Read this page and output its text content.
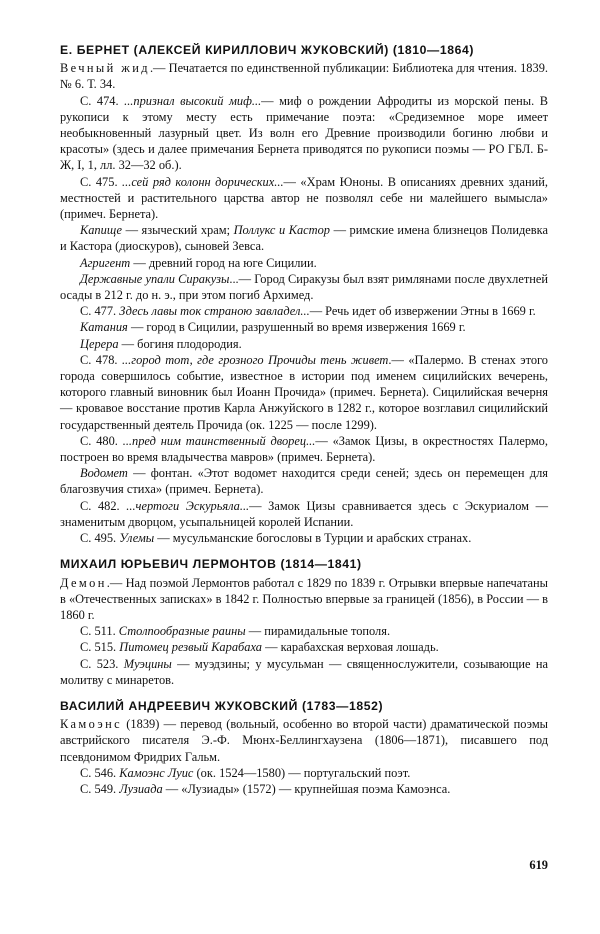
Е. БЕРНЕТ (АЛЕКСЕЙ КИРИЛЛОВИЧ ЖУКОВСКИЙ) (1810—1864)

Вечный жид.— Печатается по единственной публикации: Библиотека для чтения. 1839. № 6. Т. 34.

С. 474. ...признал высокий миф...— миф о рождении Афродиты из морской пены. В рукописи к этому месту есть примечание поэта: «Средиземное море имеет необыкновенный лазурный цвет. Из волн его Древние производили богиню любви и красоты» (здесь и далее примечания Бернета приводятся по рукописи поэмы — РО ГБЛ. Б-Ж, I, 1, лл. 32—32 об.).

С. 475. ...сей ряд колонн дорических...— «Храм Юноны. В описаниях древних зданий, местностей и растительного царства автор не позволял себе ни малейшего вымысла» (примеч. Бернета).

Капище — языческий храм; Поллукс и Кастор — римские имена близнецов Полидевка и Кастора (диоскуров), сыновей Зевса.

Агригент — древний город на юге Сицилии.

Державные упали Сиракузы...— Город Сиракузы был взят римлянами после двухлетней осады в 212 г. до н. э., при этом погиб Архимед.

С. 477. Здесь лавы ток страною завладел...— Речь идет об извержении Этны в 1669 г.

Катания — город в Сицилии, разрушенный во время извержения 1669 г.

Церера — богиня плодородия.

С. 478. ...город тот, где грозного Прочиды тень живет.— «Палермо. В стенах этого города совершилось событие, известное в истории под именем сицилийских вечерень, которого главный виновник был Иоанн Прочида» (примеч. Бернета). Сицилийская вечерня — кровавое восстание против Карла Анжуйского в 1282 г., которое возглавил сицилийский государственный деятель Прочида (ок. 1225 — после 1299).

С. 480. ...пред ним таинственный дворец...— «Замок Цизы, в окрестностях Палермо, построен во время владычества мавров» (примеч. Бернета).

Водомет — фонтан. «Этот водомет находится среди сеней; здесь он перемещен для благозвучия стиха» (примеч. Бернета).

С. 482. ...чертоги Эскурьяла...— Замок Цизы сравнивается здесь с Эскуриалом — знаменитым дворцом, усыпальницей королей Испании.

С. 495. Улемы — мусульманские богословы в Турции и арабских странах.

МИХАИЛ ЮРЬЕВИЧ ЛЕРМОНТОВ (1814—1841)

Демон.— Над поэмой Лермонтов работал с 1829 по 1839 г. Отрывки впервые напечатаны в «Отечественных записках» в 1842 г. Полностью впервые за границей (1856), в России — в 1860 г.

С. 511. Столпообразные раины — пирамидальные тополя.

С. 515. Питомец резвый Карабаха — карабахская верховая лошадь.

С. 523. Муэцины — муэдзины; у мусульман — священнослужители, созывающие на молитву с минаретов.

ВАСИЛИЙ АНДРЕЕВИЧ ЖУКОВСКИЙ (1783—1852)

Камоэнс (1839) — перевод (вольный, особенно во второй части) драматической поэмы австрийского писателя Э.-Ф. Мюнх-Беллингхаузена (1806—1871), писавшего под псевдонимом Фридрих Гальм.

С. 546. Камоэнс Луис (ок. 1524—1580) — португальский поэт.

С. 549. Лузиада — «Лузиады» (1572) — крупнейшая поэма Камоэнса.

619
